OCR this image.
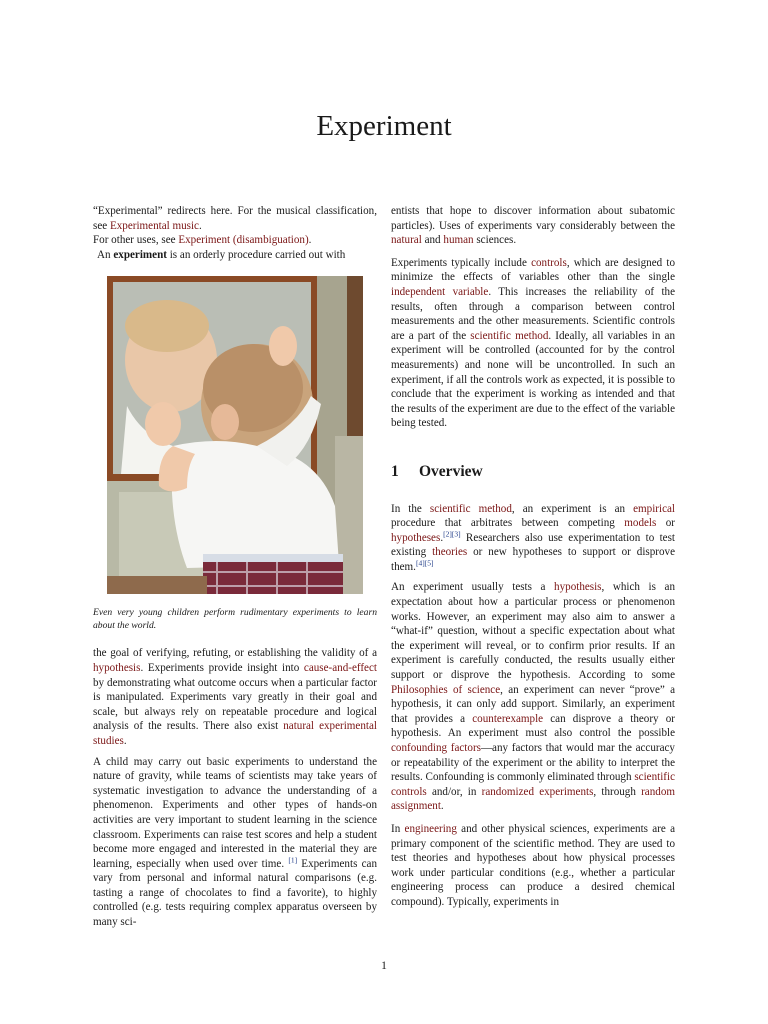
Experiment

“Experimental” redirects here. For the musical classification, see Experimental music.

For other uses, see Experiment (disambiguation).

An experiment is an orderly procedure carried out with

Even very young children perform rudimentary experiments to learn about the world.

the goal of verifying, refuting, or establishing the validity of a hypothesis. Experiments provide insight into cause-and-effect by demonstrating what outcome occurs when a particular factor is manipulated. Experiments vary greatly in their goal and scale, but always rely on repeatable procedure and logical analysis of the results. There also exist natural experimental studies.

A child may carry out basic experiments to understand the nature of gravity, while teams of scientists may take years of systematic investigation to advance the understanding of a phenomenon. Experiments and other types of hands-on activities are very important to student learning in the science classroom. Experiments can raise test scores and help a student become more engaged and interested in the material they are learning, especially when used over time. [1] Experiments can vary from personal and informal natural comparisons (e.g. tasting a range of chocolates to find a favorite), to highly controlled (e.g. tests requiring complex apparatus overseen by many sci-

entists that hope to discover information about subatomic particles). Uses of experiments vary considerably between the natural and human sciences.

Experiments typically include controls, which are designed to minimize the effects of variables other than the single independent variable. This increases the reliability of the results, often through a comparison between control measurements and the other measurements. Scientific controls are a part of the scientific method. Ideally, all variables in an experiment will be controlled (accounted for by the control measurements) and none will be uncontrolled. In such an experiment, if all the controls work as expected, it is possible to conclude that the experiment is working as intended and that the results of the experiment are due to the effect of the variable being tested.

1 Overview

In the scientific method, an experiment is an empirical procedure that arbitrates between competing models or hypotheses.[2][3] Researchers also use experimentation to test existing theories or new hypotheses to support or disprove them.[4][5]

An experiment usually tests a hypothesis, which is an expectation about how a particular process or phenomenon works. However, an experiment may also aim to answer a “what-if” question, without a specific expectation about what the experiment will reveal, or to confirm prior results. If an experiment is carefully conducted, the results usually either support or disprove the hypothesis. According to some Philosophies of science, an experiment can never “prove” a hypothesis, it can only add support. Similarly, an experiment that provides a counterexample can disprove a theory or hypothesis. An experiment must also control the possible confounding factors—any factors that would mar the accuracy or repeatability of the experiment or the ability to interpret the results. Confounding is commonly eliminated through scientific controls and/or, in randomized experiments, through random assignment.

In engineering and other physical sciences, experiments are a primary component of the scientific method. They are used to test theories and hypotheses about how physical processes work under particular conditions (e.g., whether a particular engineering process can produce a desired chemical compound). Typically, experiments in

1
